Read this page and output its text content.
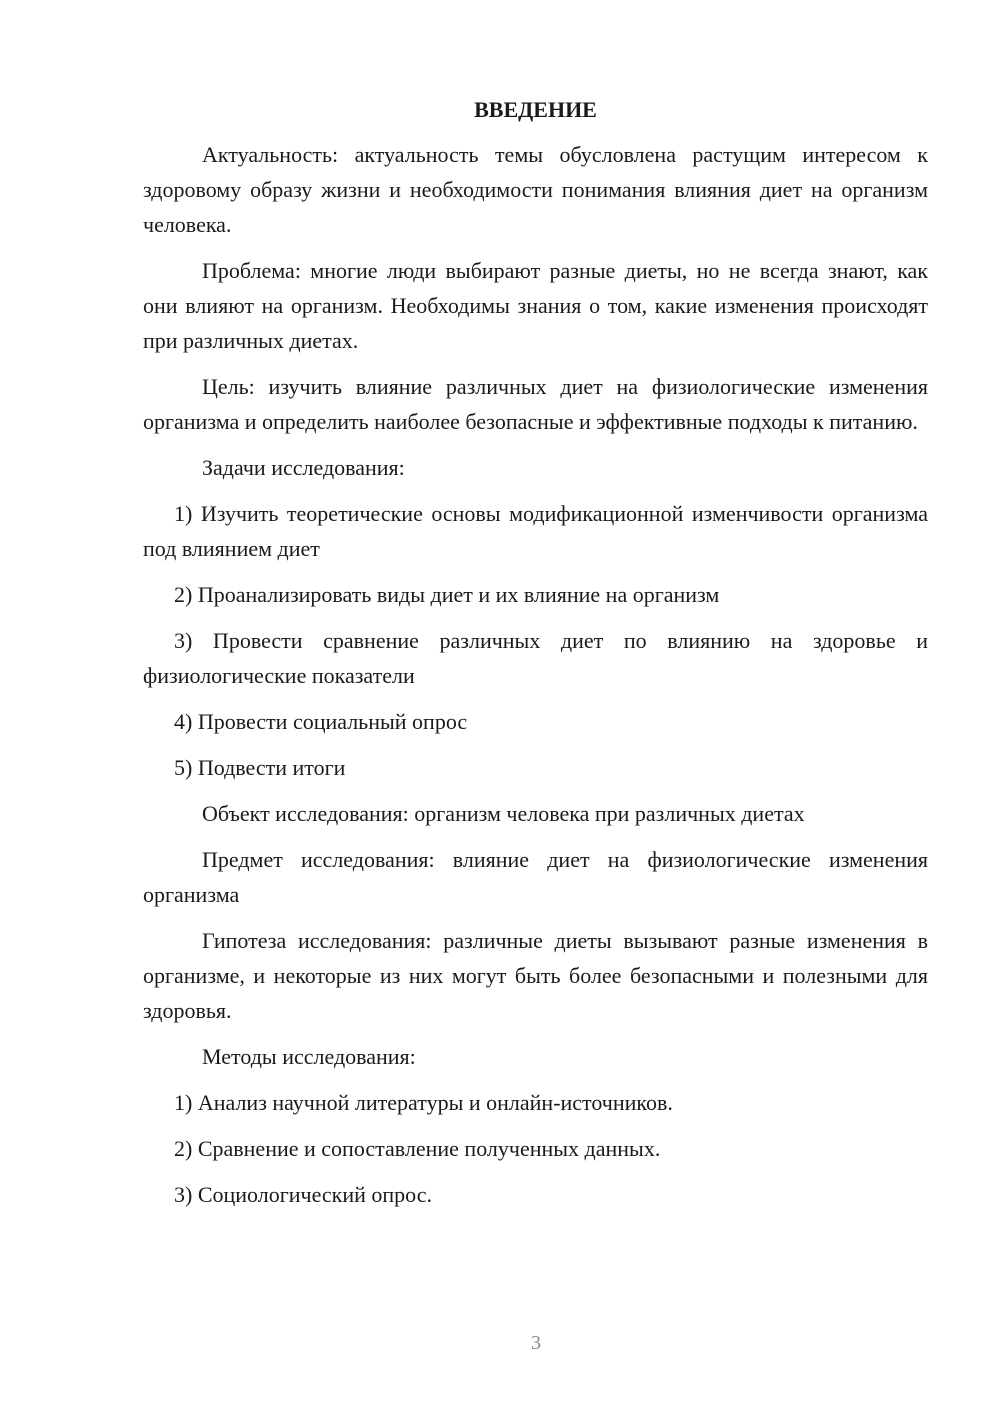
ВВЕДЕНИЕ

Актуальность: актуальность темы обусловлена растущим интересом к здоровому образу жизни и необходимости понимания влияния диет на организм человека.

Проблема: многие люди выбирают разные диеты, но не всегда знают, как они влияют на организм. Необходимы знания о том, какие изменения происходят при различных диетах.

Цель: изучить влияние различных диет на физиологические изменения организма и определить наиболее безопасные и эффективные подходы к питанию.

Задачи исследования:

1) Изучить теоретические основы модификационной изменчивости организма под влиянием диет

2) Проанализировать виды диет и их влияние на организм

3) Провести сравнение различных диет по влиянию на здоровье и физиологические показатели

4) Провести социальный опрос

5) Подвести итоги

Объект исследования: организм человека при различных диетах

Предмет исследования: влияние диет на физиологические изменения организма

Гипотеза исследования: различные диеты вызывают разные изменения в организме, и некоторые из них могут быть более безопасными и полезными для здоровья.

Методы исследования:

1) Анализ научной литературы и онлайн-источников.

2) Сравнение и сопоставление полученных данных.

3) Социологический опрос.

3
